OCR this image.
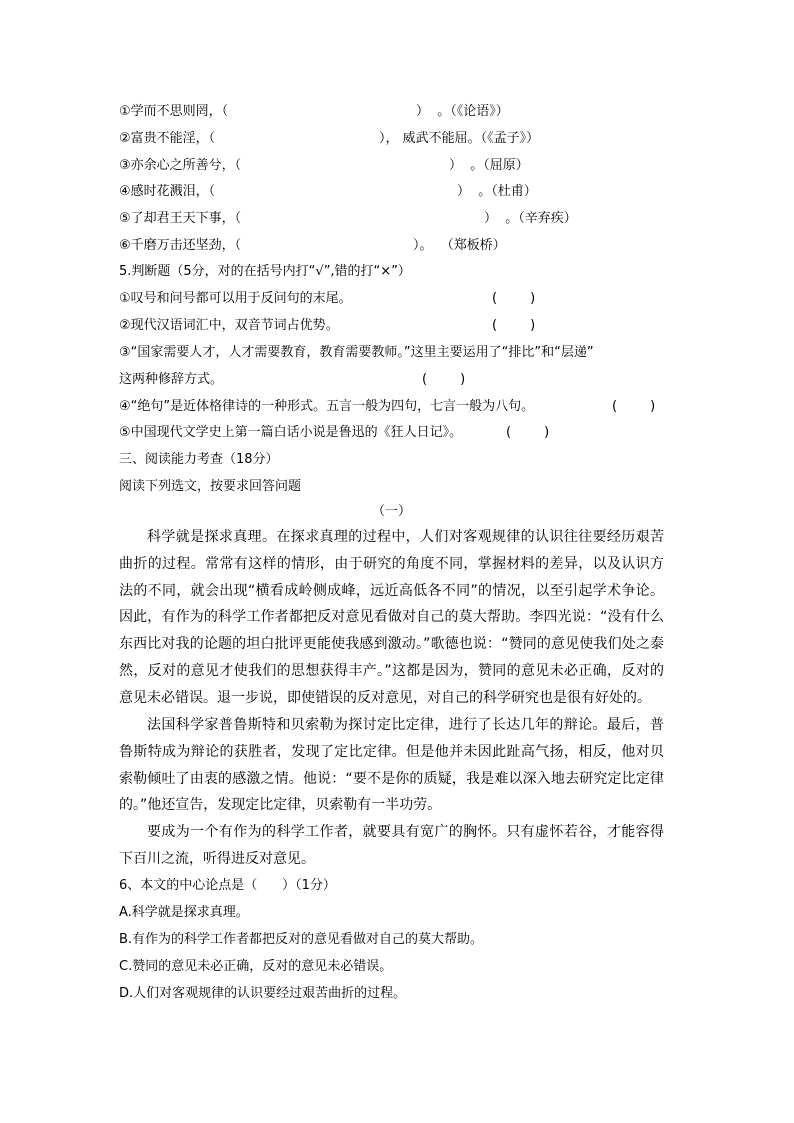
①学而不思则罔，（	）  。（《论语》）
②富贵不能淫，（	）， 威武不能屈。（《孟子》）
③亦余心之所善兮，（	）  。（屈原）
④感时花溅泪，（	）  。（杜甫）
⑤了却君王天下事，（	）  。（辛弃疾）
⑥千磨万击还坚劲，（	）。  （郑板桥）
5.判断题（5分，对的在括号内打“√”,错的打“×”）
①叹号和问号都可以用于反问句的末尾。	(        )
②现代汉语词汇中，双音节词占优势。	(        )
③“国家需要人才，人才需要教育，教育需要教师。”这里主要运用了“排比”和“层递”
这两种修辞方式。	(        )
④“绝句”是近体格律诗的一种形式。五言一般为四句，七言一般为八句。	(        )
⑤中国现代文学史上第一篇白话小说是鲁迅的《狂人日记》。	(        )
三、阅读能力考查（18分）
阅读下列选文，按要求回答问题
（一）

科学就是探求真理。在探求真理的过程中，人们对客观规律的认识往往要经历艰苦曲折的过程。常常有这样的情形，由于研究的角度不同，掌握材料的差异，以及认识方法的不同，就会出现“横看成岭侧成峰，远近高低各不同”的情况，以至引起学术争论。因此，有作为的科学工作者都把反对意见看做对自己的莫大帮助。李四光说：“没有什么东西比对我的论题的坦白批评更能使我感到激动。”歌德也说：“赞同的意见使我们处之泰然，反对的意见才使我们的思想获得丰产。”这都是因为，赞同的意见未必正确，反对的意见未必错误。退一步说，即使错误的反对意见，对自己的科学研究也是很有好处的。

法国科学家普鲁斯特和贝索勒为探讨定比定律，进行了长达几年的辩论。最后，普鲁斯特成为辩论的获胜者，发现了定比定律。但是他并未因此趾高气扬，相反，他对贝索勒倾吐了由衷的感激之情。他说：“要不是你的质疑，我是难以深入地去研究定比定律的。”他还宣告，发现定比定律，贝索勒有一半功劳。

要成为一个有作为的科学工作者，就要具有宽广的胸怀。只有虚怀若谷，才能容得下百川之流，听得进反对意见。

6、本文的中心论点是（      ）（1分）
A.科学就是探求真理。
B.有作为的科学工作者都把反对的意见看做对自己的莫大帮助。
C.赞同的意见未必正确，反对的意见未必错误。
D.人们对客观规律的认识要经过艰苦曲折的过程。
